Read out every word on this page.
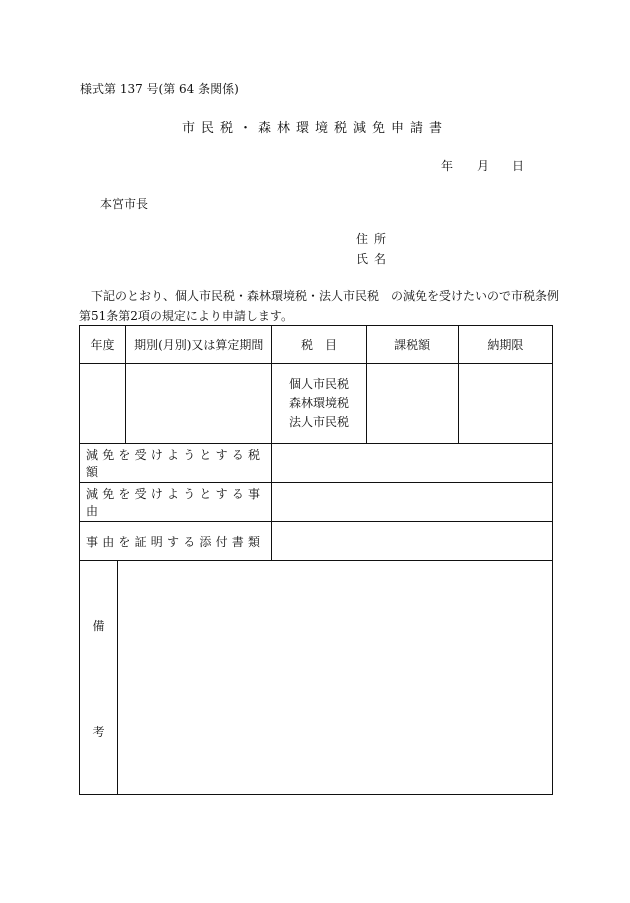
様式第 137 号(第 64 条関係)
市民税・森林環境税減免申請書
年 月 日
本宮市長
住所
氏名
下記のとおり、個人市民税・森林環境税・法人市民税　の減免を受けたいので市税条例
第51条第2項の規定により申請します。
年度		期別(月別)又は算定期間	税　目	課税額	納期限

			個人市民税
森林環境税
法人市民税		

減免を受けようとする税額					
減免を受けようとする事由					
事由を証明する添付書類					

備
考					
